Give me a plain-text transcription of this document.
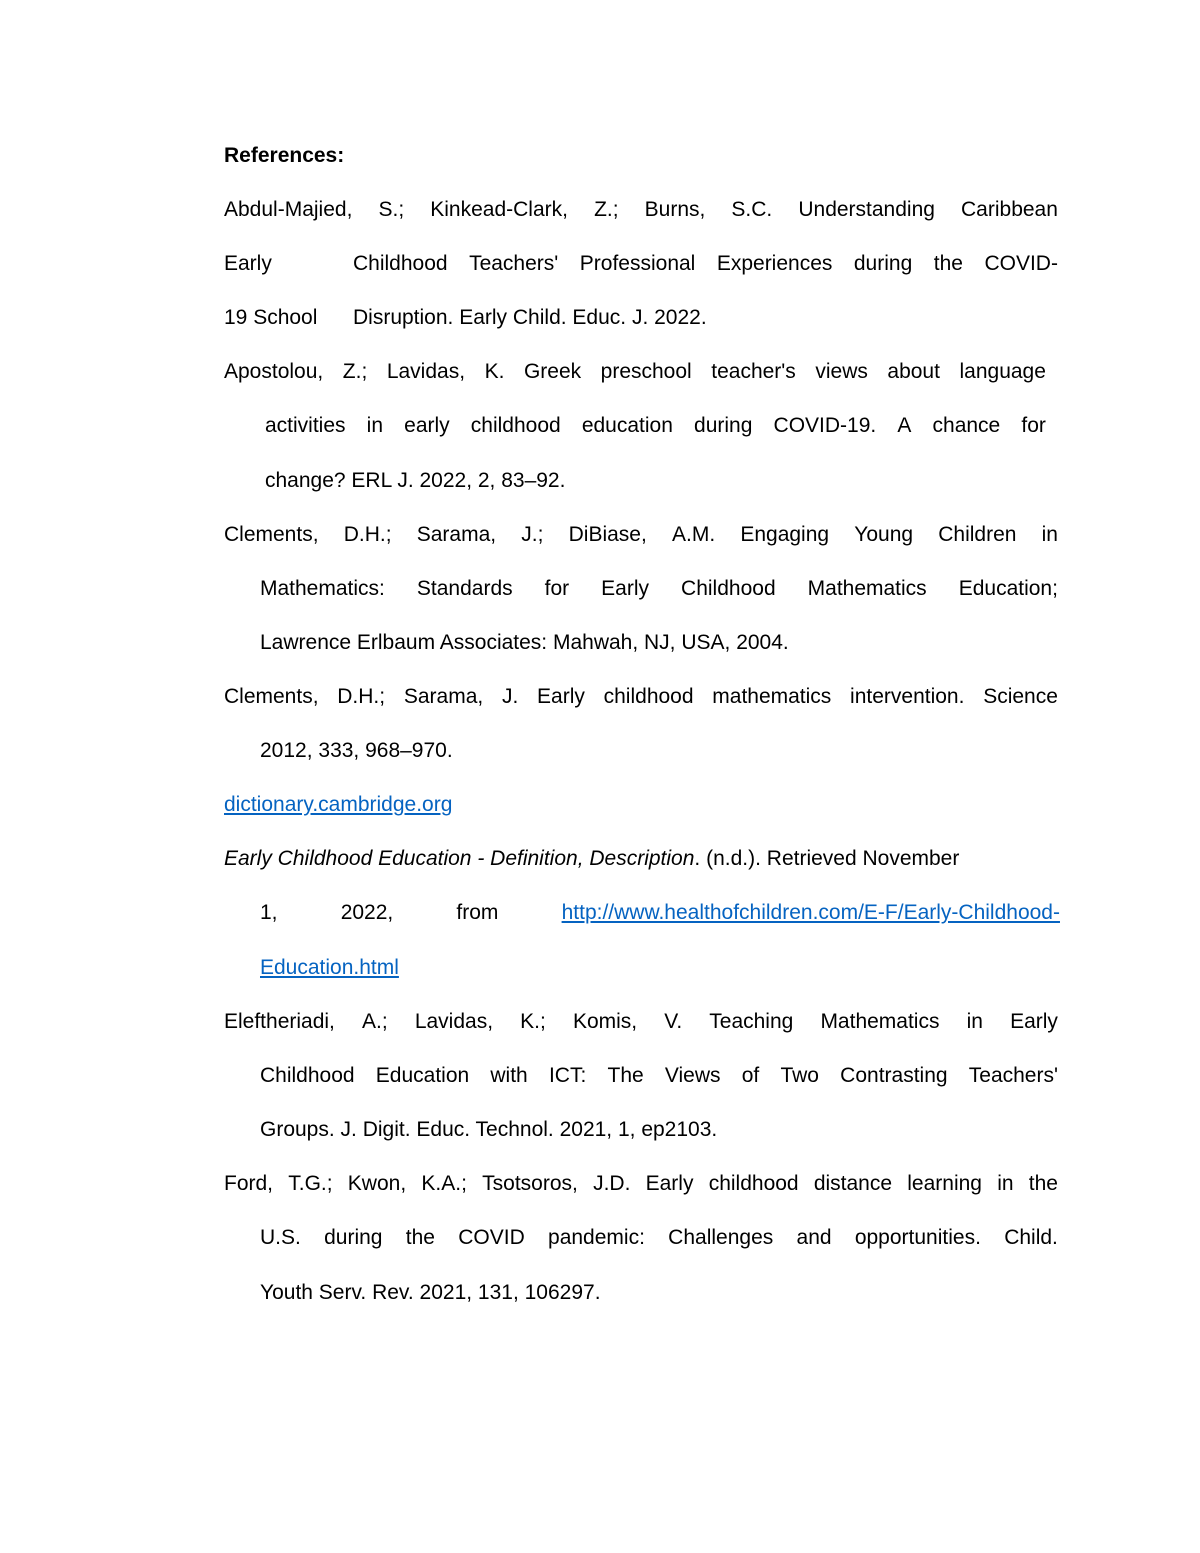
References:
Abdul-Majied, S.; Kinkead-Clark, Z.; Burns, S.C. Understanding Caribbean
Early	Childhood Teachers' Professional Experiences during the COVID-
19 School Disruption. Early Child. Educ. J. 2022.
Apostolou, Z.; Lavidas, K. Greek preschool teacher's views about language
activities in early childhood education during COVID-19. A chance for
change? ERL J. 2022, 2, 83–92.
Clements, D.H.; Sarama, J.; DiBiase, A.M. Engaging Young Children in
Mathematics: Standards for Early Childhood Mathematics Education;
Lawrence Erlbaum Associates: Mahwah, NJ, USA, 2004.
Clements, D.H.; Sarama, J. Early childhood mathematics intervention. Science
2012, 333, 968–970.
dictionary.cambridge.org
Early Childhood Education - Definition, Description. (n.d.). Retrieved November
1,	2022,	from	http://www.healthofchildren.com/E-F/Early-Childhood-
Education.html
Eleftheriadi, A.; Lavidas, K.; Komis, V. Teaching Mathematics in Early
Childhood Education with ICT: The Views of Two Contrasting Teachers'
Groups. J. Digit. Educ. Technol. 2021, 1, ep2103.
Ford, T.G.; Kwon, K.A.; Tsotsoros, J.D. Early childhood distance learning in the
U.S. during the COVID pandemic: Challenges and opportunities. Child.
Youth Serv. Rev. 2021, 131, 106297.
